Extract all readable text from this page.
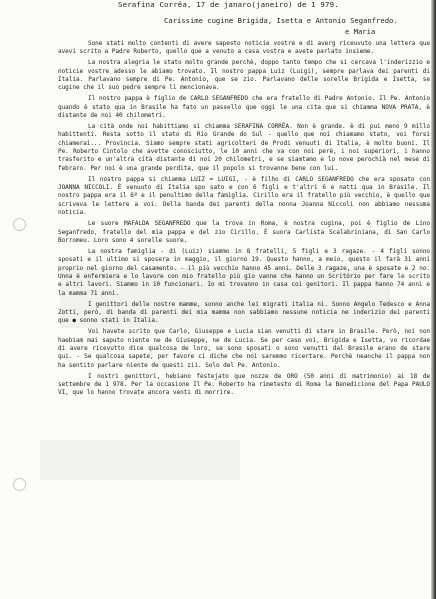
Serafina Corrêa, 17 de janaro(janeiro) de 1 979.
Carissime cugine Brigida, Isetta e Antonio Seganfredo.
e Maria

Sone stati molto contenti di avere sapesto noticie vostre e di averg riceuvuto una lettera que avevi scrito a Padre Roberto, quello que a venuto a casa vostra e avete parlato insieme.

La nostra alegria le stato molto grande perchè, doppo tanto tempo che si cercava l'inderizzio e noticie vostre adesso le abiamo trovato. Il nostro pappa Luiz (Luigi), sempre parlava dei parenti di Italia. Parlavano sempre di Pe. Antonio, que se zio. Parlavano delle sorelle Brigida e Isetta, se cugine che il suo pedre sempre li mencionava.

Il nostro pappa è figlio de CARLO SEGANFREDO che era fratello di Padre Antonio. Il Pe. Antonio quando è stato qua in Brasile ha fato un passello que oggi le una cita que si chiamma NOVA PRATA, è distante de noi 40 chilometri.

La cità onde noi habittiamo si chiamma SERAFINA CORRÊA. Non è grande. è di pui meno 9 millo habittenti. Resta sotto il stato di Rio Grande do Sul - quello que noi chiamamo stato, voi forsi chiamerai... Provincia. Siamo sempre stati agricolteri de Prodi venuuti di Italia, è molto buoni. Il Pe. Roberto Cintolo che avette conosciutto, le 10 anni che va con noi perè, i noi superiori, i hanno trasferito e un'altra cità distante di noi 20 chilometri, e se siamtamo e lo nove perochià nel mese di febraro. Per noi è una grande perdita, que il popolo si trovanne bene con lui.

Il nostro pappa si chiamma LUIZ = LUIGI, - è filho di CARLO SEGANFREDO che era sposato con JOANNA NICCOLI. È venuuto di Italia spo sato e con 6 figli e t'altri 6 e natti qua in Brasile. Il nostro pappa era il 6º e il penultimo della famiglia. Cirillo era il fratello più vecchio, è quello que scriveva le lettere a voi. Della banda dei parenti della nonna Joanna Niccoli non abbiamo nessuma noticia.

Le suore MAFALDA SEGANFREDO que la trova in Roma, è nostra cugina, poi è figlio de Lino Seganfredo, fratello del mia pappa e del zio Cirillo. È suora Carlista Scalabriniana, di San Carlo Borromeu. Loro sono 4 sorelle suore.

La nostra famiglia - di (Luiz) siammo in 8 fratelli, 5 figli e 3 ragaze. - 4 figli sonno sposati e il ultimo si sposera in maggio, il giorno 19. Questo hanno, a meio, questo il farà 31 anni proprio nel giorno del casamento. - il più vecchio hanno 45 anni. Delle 3 ragaze, una è sposate e 2 no. Unna è enfermiera e lo lavore con mio fratello più gio vanne che hanno un Scritório per fare le scrito e altri lavori. Siammo in 10 funcionari. Io mi trovanno in casa coi genitori. Il pappa hanno 74 anni e la mamma 71 anni.

I genittori delle nostre mamme, sonno anche lei migrati italia ni. Sonno Angelo Tedesco e Anna Zotti, però, di banda di parenti dei mia mamma non sabbiamo nessune noticia ne inderizio dei parenti que ● sonno stati in Italia.

Voi havete scrito que Carlo, Giuseppe e Lucia sian venutti di stare in Brasile. Però, noi non haebiam mai saputo niente ne de Giuseppe, ne de Lucia. Se per caso voi, Brigida e Isetta, vo ricordae di avere ricevutto dice qualcosa de loro, se sono sposati o sono venutti dal Brasile erano de stare qui. - Se qualcosa sapete, per favore ci diche che noi saremmo ricertare. Perchè neanche il pappa non ha sentito parlare niente de questi zii. Solo del Pe. Antonio.

I nostri genittori, hebiano festejato que nozze de ORO (50 anni di matrimonio) ai 18 de settembre de 1 978. Per la occasione Il Pe. Roberto ha rimetesto di Roma la Benedicione del Papa PAULO VI, que lo hanno trovate ancora venti di morrire.
